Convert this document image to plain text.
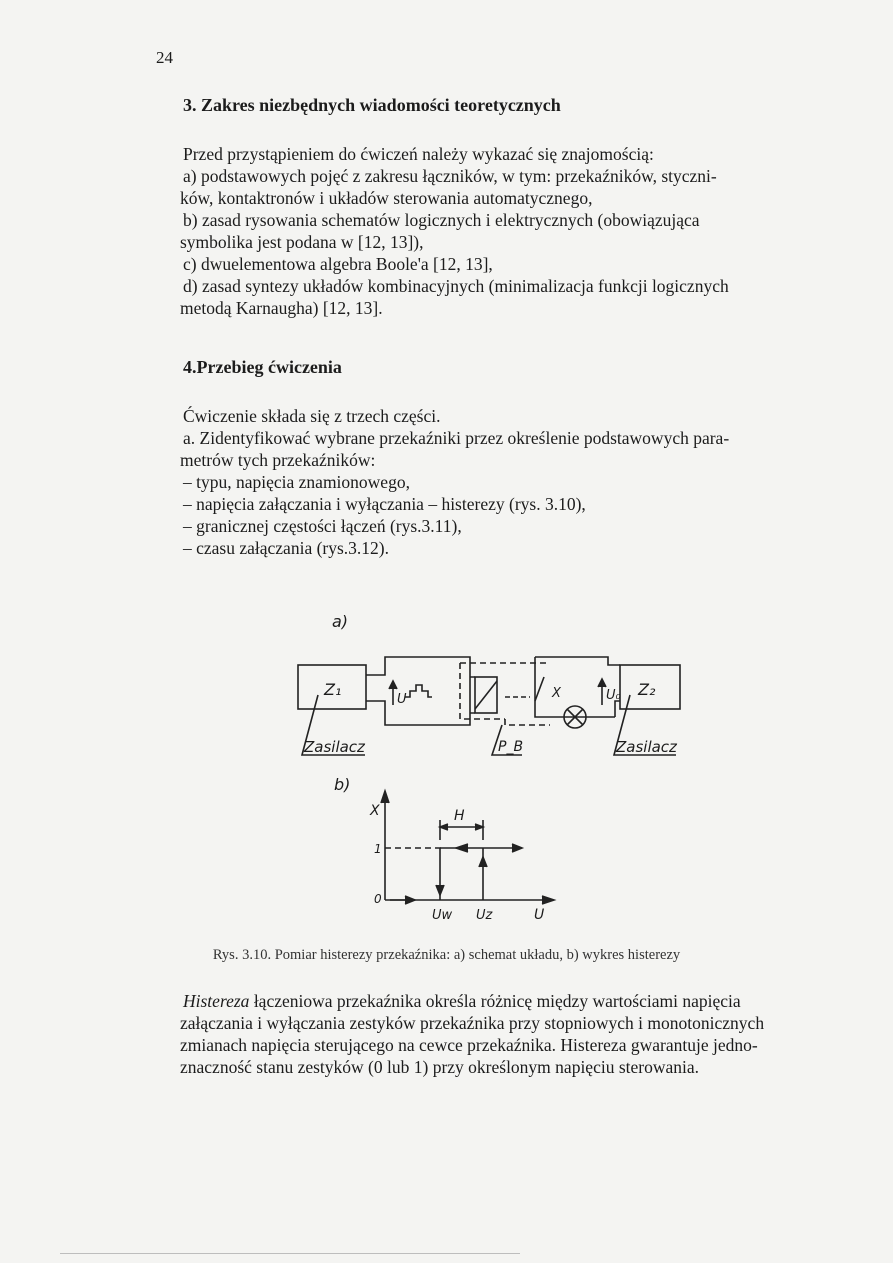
24
3. Zakres niezbędnych wiadomości teoretycznych

Przed przystąpieniem do ćwiczeń należy wykazać się znajomością:

a) podstawowych pojęć z zakresu łączników, w tym: przekaźników, styczni-

ków, kontaktronów i układów sterowania automatycznego,

b) zasad rysowania schematów logicznych i elektrycznych (obowiązująca

symbolika jest podana w [12, 13]),

c) dwuelementowa algebra Boole'a [12, 13],

d) zasad syntezy układów kombinacyjnych (minimalizacja funkcji logicznych

metodą Karnaugha) [12, 13].

4.Przebieg ćwiczenia

Ćwiczenie składa się z trzech części.

a. Zidentyfikować wybrane przekaźniki przez określenie podstawowych para-

metrów tych przekaźników:

– typu, napięcia znamionowego,

– napięcia załączania i wyłączania – histerezy (rys. 3.10),

– granicznej częstości łączeń (rys.3.11),

– czasu załączania (rys.3.12).

a)
Z₁	Z₂
U	X	U₀
P_B
Zasilacz	Zasilacz
b)
X
1
0
H
Uw Uz	U
Rys. 3.10. Pomiar histerezy przekaźnika: a) schemat układu, b) wykres histerezy

Histereza łączeniowa przekaźnika określa różnicę między wartościami napięcia

załączania i wyłączania zestyków przekaźnika przy stopniowych i monotonicznych

zmianach napięcia sterującego na cewce przekaźnika. Histereza gwarantuje jedno-

znaczność stanu zestyków (0 lub 1) przy określonym napięciu sterowania.
